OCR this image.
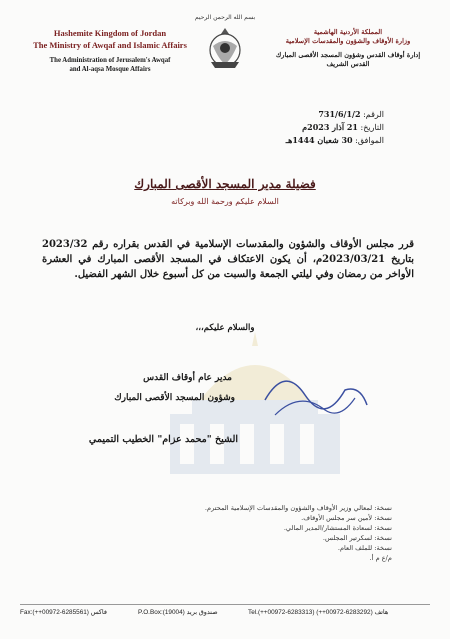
بسم الله الرحمن الرحيم
Hashemite Kingdom of Jordan
The Ministry of Awqaf and Islamic Affairs
The Administration of Jerusalem's Awqaf
and Al-aqsa Mosque Affairs
المملكة الأردنية الهاشمية
وزارة الأوقاف والشؤون والمقدسات الإسلامية
إدارة أوقاف القدس وشؤون المسجد الأقصى المبارك
القدس الشريف
الرقم: 731/6/1/2
التاريخ: 21 آذار 2023م
الموافق: 30 شعبان 1444هـ
فضيلة مدير المسجد الأقصى المبارك
السلام عليكم ورحمة الله وبركاته
قرر مجلس الأوقاف والشؤون والمقدسات الإسلامية في القدس بقراره رقم 2023/32 بتاريخ 2023/03/21م، أن يكون الاعتكاف في المسجد الأقصى المبارك في العشرة الأواخر من رمضان وفي ليلتي الجمعة والسبت من كل أسبوع خلال الشهر الفضيل.
والسلام عليكم،،،
مدير عام أوقاف القدس
وشؤون المسجد الأقصى المبارك
الشيخ "محمد عزام" الخطيب التميمي
نسخة: لمعالي وزير الأوقاف والشؤون والمقدسات الإسلامية المحترم.
نسخة: لأمين سر مجلس الأوقاف.
نسخة: لسعادة المستشار/المدير المالي.
نسخة: لسكرتير المجلس.
نسخة: للملف العام.
م/ع م أ.
Fax:(++00972-6285561) فاكس	P.O.Box:(19004) صندوق بريد	Tel.(++00972-6283313) (++00972-6283292) هاتف
